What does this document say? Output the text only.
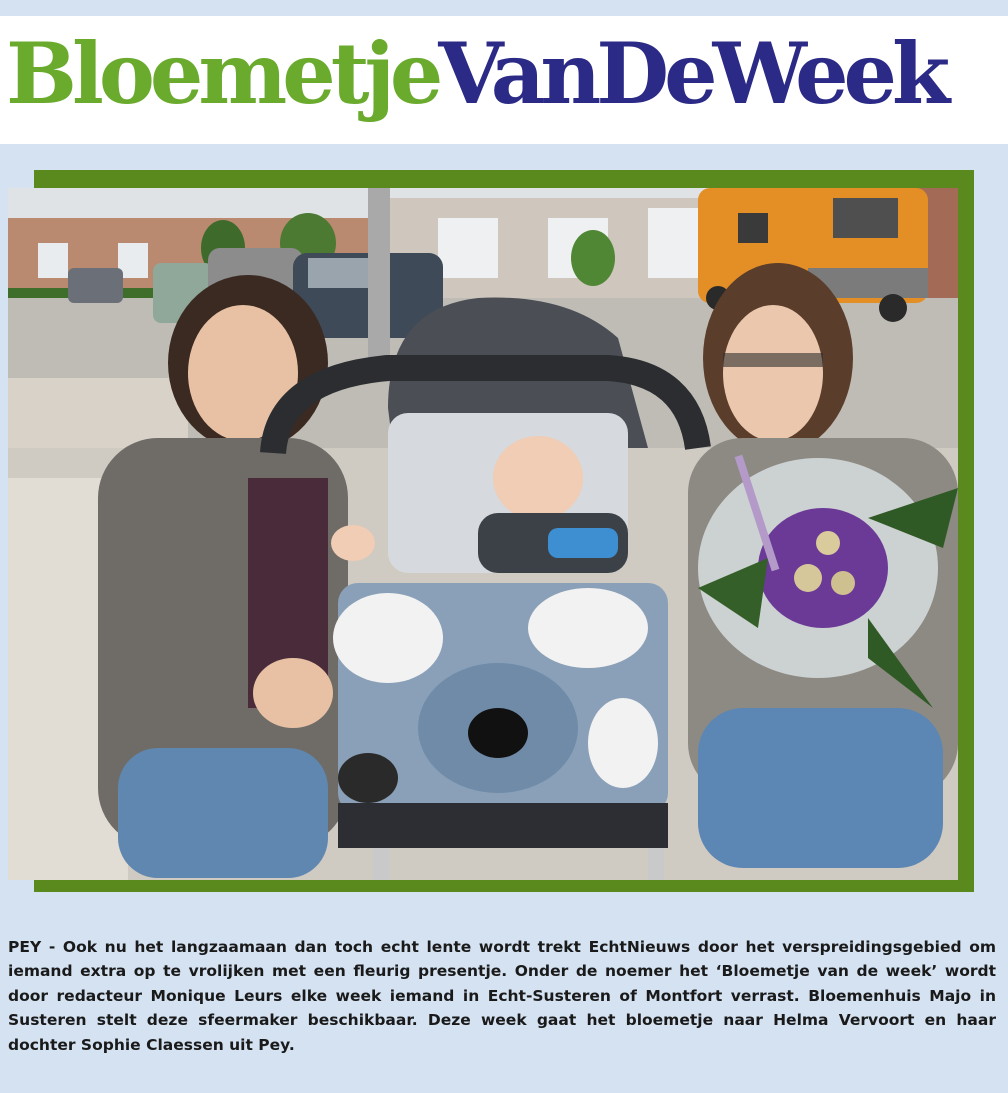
BloemetjeVanDeWeek

PEY - Ook nu het langzaamaan dan toch echt lente wordt trekt EchtNieuws door het verspreidingsgebied om iemand extra op te vrolijken met een fleurig presentje. Onder de noemer het ‘Bloemetje van de week’ wordt door redacteur Monique Leurs elke week iemand in Echt-Susteren of Montfort verrast. Bloemenhuis Majo in Susteren stelt deze sfeermaker beschikbaar. Deze week gaat het bloemetje naar Helma Vervoort en haar dochter Sophie Claessen uit Pey.
